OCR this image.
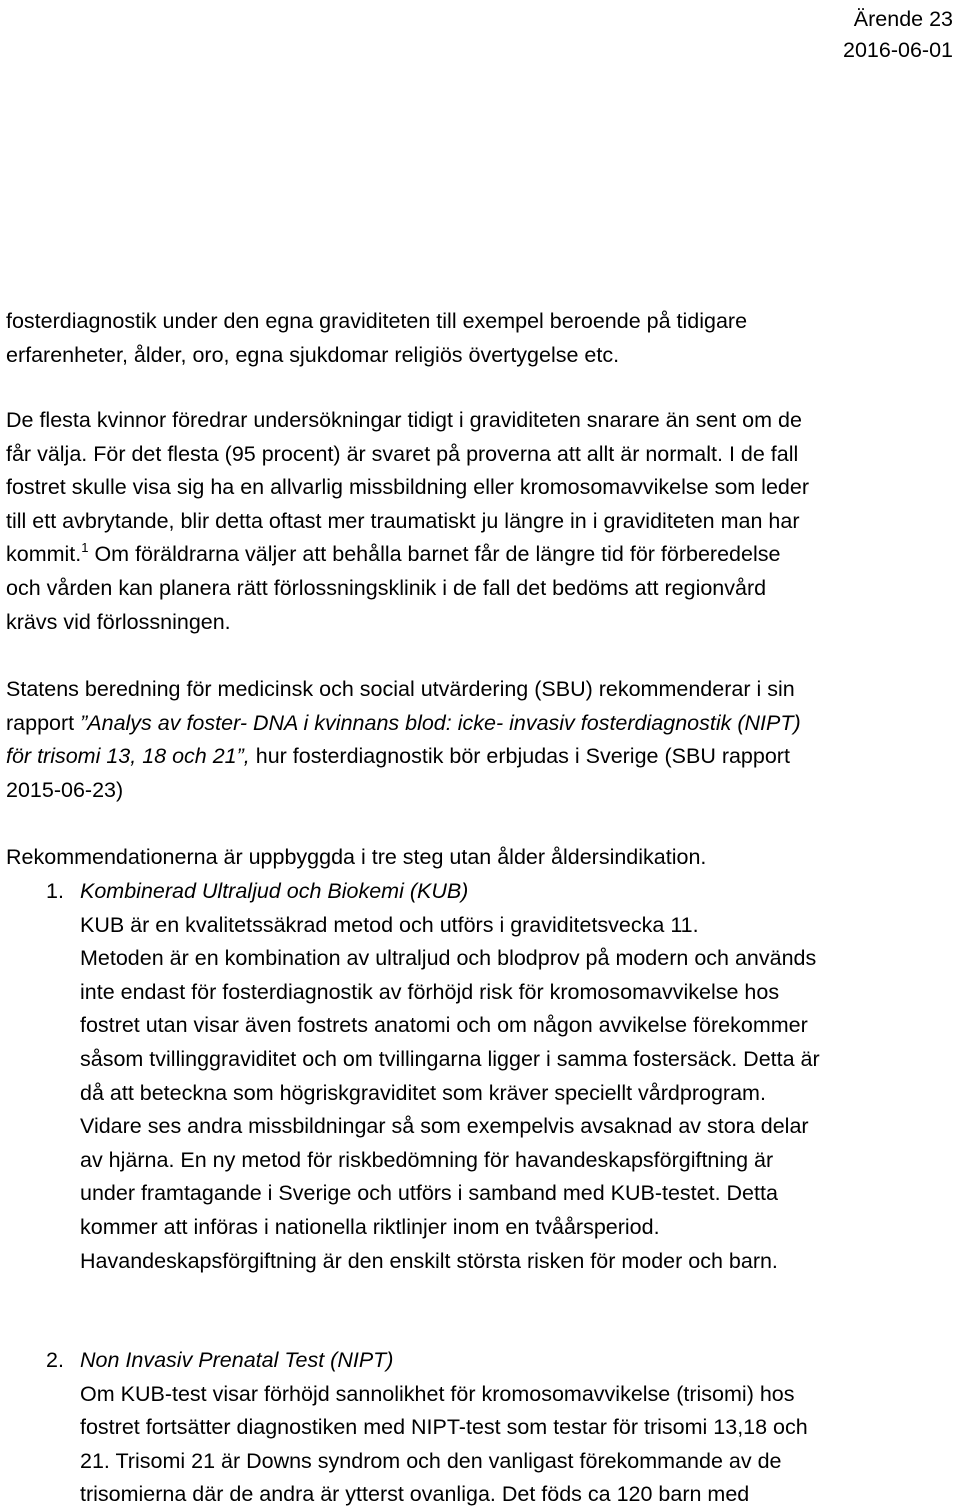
Ärende 23
2016-06-01
fosterdiagnostik under den egna graviditeten till exempel beroende på tidigare
erfarenheter, ålder, oro, egna sjukdomar religiös övertygelse etc.
De flesta kvinnor föredrar undersökningar tidigt i graviditeten snarare än sent om de
får välja. För det flesta (95 procent) är svaret på proverna att allt är normalt. I de fall
fostret skulle visa sig ha en allvarlig missbildning eller kromosomavvikelse som leder
till ett avbrytande, blir detta oftast mer traumatiskt ju längre in i graviditeten man har
kommit.$^1$ Om föräldrarna väljer att behålla barnet får de längre tid för förberedelse
och vården kan planera rätt förlossningsklinik i de fall det bedöms att regionvård
krävs vid förlossningen.
Statens beredning för medicinsk och social utvärdering (SBU) rekommenderar i sin
rapport ”Analys av foster- DNA i kvinnans blod: icke- invasiv fosterdiagnostik (NIPT)
för trisomi 13, 18 och 21”, hur fosterdiagnostik bör erbjudas i Sverige (SBU rapport
2015-06-23)
Rekommendationerna är uppbyggda i tre steg utan ålder åldersindikation.
1. Kombinerad Ultraljud och Biokemi (KUB)
KUB är en kvalitetssäkrad metod och utförs i graviditetsvecka 11.
Metoden är en kombination av ultraljud och blodprov på modern och används
inte endast för fosterdiagnostik av förhöjd risk för kromosomavvikelse hos
fostret utan visar även fostrets anatomi och om någon avvikelse förekommer
såsom tvillinggraviditet och om tvillingarna ligger i samma fostersäck. Detta är
då att beteckna som högriskgraviditet som kräver speciellt vårdprogram.
Vidare ses andra missbildningar så som exempelvis avsaknad av stora delar
av hjärna. En ny metod för riskbedömning för havandeskapsförgiftning är
under framtagande i Sverige och utförs i samband med KUB-testet. Detta
kommer att införas i nationella riktlinjer inom en tvåårsperiod.
Havandeskapsförgiftning är den enskilt största risken för moder och barn.
2. Non Invasiv Prenatal Test (NIPT)
Om KUB-test visar förhöjd sannolikhet för kromosomavvikelse (trisomi) hos
fostret fortsätter diagnostiken med NIPT-test som testar för trisomi 13,18 och
21. Trisomi 21 är Downs syndrom och den vanligast förekommande av de
trisomierna där de andra är ytterst ovanliga. Det föds ca 120 barn med
